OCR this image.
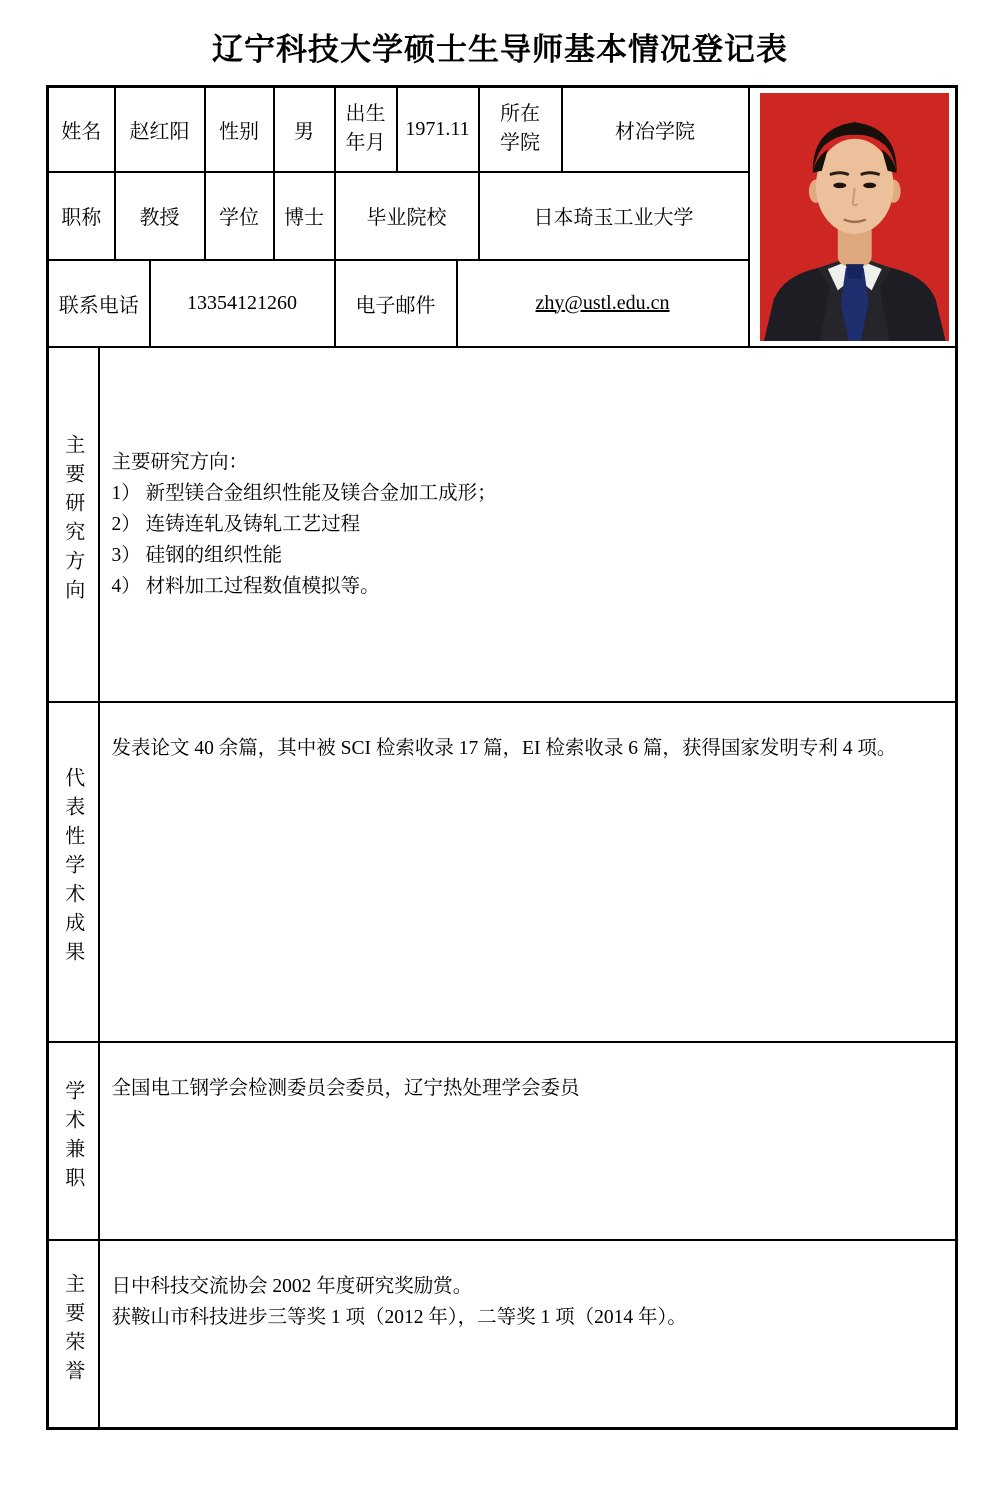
辽宁科技大学硕士生导师基本情况登记表
姓名		赵红阳		性别	男	出生年月	1971.11		所在学院	材冶学院	

职称		教授		学位	博士	毕业院校			日本琦玉工业大学		
联系电话			13354121260			电子邮件		zhy@ustl.edu.cn			
主要研究方向	主要研究方向：
1） 新型镁合金组织性能及镁合金加工成形；
2） 连铸连轧及铸轧工艺过程
3） 硅钢的组织性能
4） 材料加工过程数值模拟等。										

代表性学术成果	发表论文 40 余篇，其中被 SCI 检索收录 17 篇，EI 检索收录 6 篇，获得国家发明专利 4 项。										

学术兼职	全国电工钢学会检测委员会委员，辽宁热处理学会委员										

主要荣誉	日中科技交流协会 2002 年度研究奖励赏。
获鞍山市科技进步三等奖 1 项（2012 年），二等奖 1 项（2014 年）。										
